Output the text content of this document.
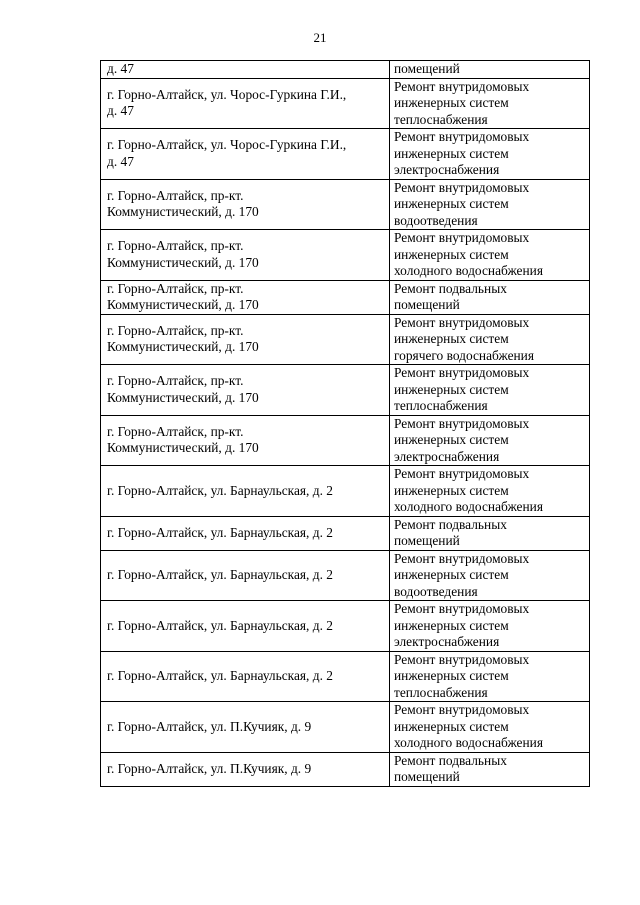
21
д. 47	помещений

г. Горно-Алтайск, ул. Чорос-Гуркина Г.И.,
д. 47	Ремонт внутридомовых
инженерных систем
теплоснабжения

г. Горно-Алтайск, ул. Чорос-Гуркина Г.И.,
д. 47	Ремонт внутридомовых
инженерных систем
электроснабжения

г. Горно-Алтайск, пр-кт.
Коммунистический, д. 170	Ремонт внутридомовых
инженерных систем
водоотведения

г. Горно-Алтайск, пр-кт.
Коммунистический, д. 170	Ремонт внутридомовых
инженерных систем
холодного водоснабжения

г. Горно-Алтайск, пр-кт.
Коммунистический, д. 170	Ремонт подвальных
помещений

г. Горно-Алтайск, пр-кт.
Коммунистический, д. 170	Ремонт внутридомовых
инженерных систем
горячего водоснабжения

г. Горно-Алтайск, пр-кт.
Коммунистический, д. 170	Ремонт внутридомовых
инженерных систем
теплоснабжения

г. Горно-Алтайск, пр-кт.
Коммунистический, д. 170	Ремонт внутридомовых
инженерных систем
электроснабжения

г. Горно-Алтайск, ул. Барнаульская, д. 2	Ремонт внутридомовых
инженерных систем
холодного водоснабжения

г. Горно-Алтайск, ул. Барнаульская, д. 2	Ремонт подвальных
помещений

г. Горно-Алтайск, ул. Барнаульская, д. 2	Ремонт внутридомовых
инженерных систем
водоотведения

г. Горно-Алтайск, ул. Барнаульская, д. 2	Ремонт внутридомовых
инженерных систем
электроснабжения

г. Горно-Алтайск, ул. Барнаульская, д. 2	Ремонт внутридомовых
инженерных систем
теплоснабжения

г. Горно-Алтайск, ул. П.Кучияк, д. 9	Ремонт внутридомовых
инженерных систем
холодного водоснабжения

г. Горно-Алтайск, ул. П.Кучияк, д. 9	Ремонт подвальных
помещений
